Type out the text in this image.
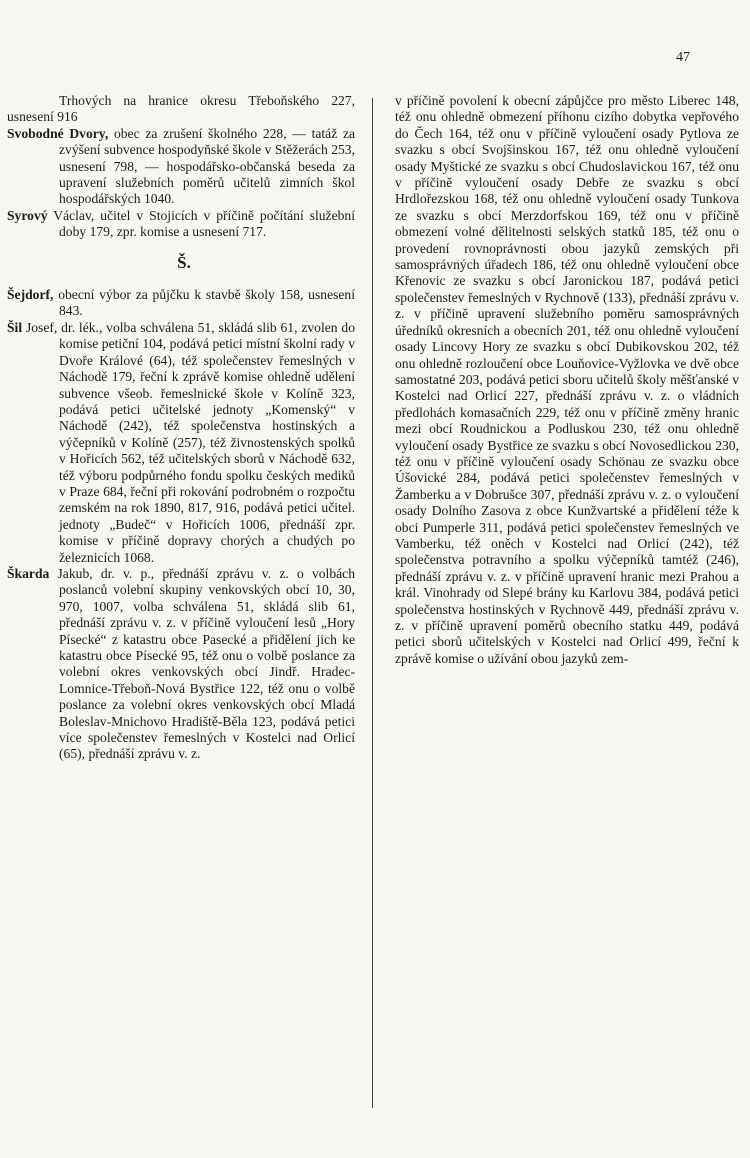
47

Trhových na hranice okresu Třeboňského 227, usnesení 916

Svobodné Dvory, obec za zrušení školného 228, — tatáž za zvýšení subvence hospodyňské škole v Stěžerách 253, usnesení 798, — hospodářsko-občanská beseda za upravení služebních poměrů učitelů zimních škol hospodářských 1040.

Syrový Václav, učitel v Stojicích v příčině počítání služební doby 179, zpr. komise a usnesení 717.

Š.

Šejdorf, obecní výbor za půjčku k stavbě školy 158, usnesení 843.

Šil Josef, dr. lék., volba schválena 51, skládá slib 61, zvolen do komise petiční 104, podává petici místní školní rady v Dvoře Králové (64), též společenstev řemeslných v Náchodě 179, řeční k zprávě komise ohledně udělení subvence všeob. řemeslnické škole v Kolíně 323, podává petici učitelské jednoty „Komenský“ v Náchodě (242), též společenstva hostinských a výčepníků v Kolíně (257), též živnostenských spolků v Hořicích 562, též učitelských sborů v Náchodě 632, též výboru podpůrného fondu spolku českých mediků v Praze 684, řeční při rokování podrobném o rozpočtu zemském na rok 1890, 817, 916, podává petici učitel. jednoty „Budeč“ v Hořicích 1006, přednáší zpr. komise v příčině dopravy chorých a chudých po železnicích 1068.

Škarda Jakub, dr. v. p., přednáší zprávu v. z. o volbách poslanců volební skupiny venkovských obcí 10, 30, 970, 1007, volba schválena 51, skládá slib 61, přednáší zprávu v. z. v příčině vyloučení lesů „Hory Písecké“ z katastru obce Pasecké a přidělení jich ke katastru obce Písecké 95, též onu o volbě poslance za volební okres venkovských obcí Jindř. Hradec-Lomnice-Třeboň-Nová Bystřice 122, též onu o volbě poslance za volební okres venkovských obcí Mladá Boleslav-Mnichovo Hradiště-Běla 123, podává petici více společenstev řemeslných v Kostelci nad Orlicí (65), přednáší zprávu v. z.

v příčině povolení k obecní zápůjčce pro město Liberec 148, též onu ohledně obmezení příhonu cizího dobytka vepřového do Čech 164, též onu v příčině vyloučení osady Pytlova ze svazku s obcí Svojšinskou 167, též onu ohledně vyloučení osady Myštické ze svazku s obcí Chudoslavickou 167, též onu v příčině vyloučení osady Debře ze svazku s obcí Hrdlořezskou 168, též onu ohledně vyloučení osady Tunkova ze svazku s obcí Merzdorfskou 169, též onu v příčině obmezení volné dělitelnosti selských statků 185, též onu o provedení rovnoprávnosti obou jazyků zemských při samosprávných úřadech 186, též onu ohledně vyloučení obce Křenovic ze svazku s obcí Jaronickou 187, podává petici společenstev řemeslných v Rychnově (133), přednáší zprávu v. z. v příčině upravení služebního poměru samosprávných úředníků okresních a obecních 201, též onu ohledně vyloučení osady Lincovy Hory ze svazku s obcí Dubikovskou 202, též onu ohledně rozloučení obce Louňovice-Vyžlovka ve dvě obce samostatné 203, podává petici sboru učitelů školy měšťanské v Kostelci nad Orlicí 227, přednáší zprávu v. z. o vládních předlohách komasačních 229, též onu v příčině změny hranic mezi obcí Roudnickou a Podluskou 230, též onu ohledně vyloučení osady Bystřice ze svazku s obcí Novosedlickou 230, též onu v příčině vyloučení osady Schönau ze svazku obce Úšovické 284, podává petici společenstev řemeslných v Žamberku a v Dobrušce 307, přednáší zprávu v. z. o vyloučení osady Dolního Zasova z obce Kunžvartské a přidělení téže k obci Pumperle 311, podává petici společenstev řemeslných ve Vamberku, též oněch v Kostelci nad Orlicí (242), též společenstva potravního a spolku výčepníků tamtéž (246), přednáší zprávu v. z. v příčině upravení hranic mezi Prahou a král. Vinohrady od Slepé brány ku Karlovu 384, podává petici společenstva hostinských v Rychnově 449, přednáší zprávu v. z. v příčině upravení poměrů obecního statku 449, podává petici sborů učitelských v Kostelci nad Orlicí 499, řeční k zprávě komise o užívání obou jazyků zem-
